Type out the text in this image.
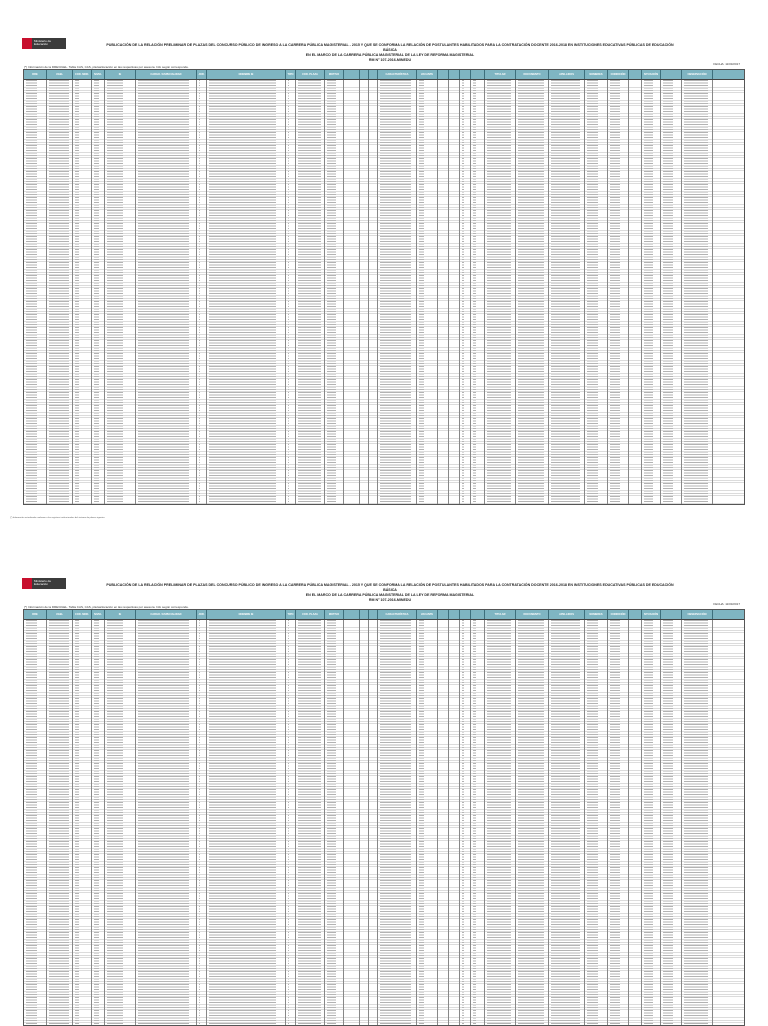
Ministerio de Educación	PUBLICACIÓN DE LA RELACIÓN PRELIMINAR DE PLAZAS DEL CONCURSO PÚBLICO DE INGRESO A LA CARRERA PÚBLICA MAGISTERIAL - 2015 Y QUE SE CONFORMA LA RELACIÓN DE POSTULANTES HABILITADOS PARA LA CONTRATACIÓN DOCENTE 2016-2018 EN INSTITUCIONES EDUCATIVAS PÚBLICAS DE EDUCACIÓN BÁSICA
EN EL MARCO DE LA CARRERA PÚBLICA MAGISTERIAL DE LA LEY DE REFORMA MAGISTERIAL
RM N° 107-2016-MINEDU
FECHA: 11/03/2017
(*) Información de la DRE/UGEL. Tabla CAS, CAS, plazas/locación en las respectivas por asesora. Info según corresponda.
DRE	UGEL	COD. MOD.	NIVEL	IE	CARGO / ESPECIALIDAD	JOR.	NOMBRE IE	TIPO	COD. PLAZA	MOTIVO	CARACTERÍSTICA	VACANTE	TITULAR	DOCUMENTO	APELLIDOS	NOMBRES	CONDICIÓN	SITUACIÓN	OBSERVACIÓN
(*) Información actualizada conforme a los registros institucionales del sistema de plazas vigentes
Ministerio de Educación	PUBLICACIÓN DE LA RELACIÓN PRELIMINAR DE PLAZAS DEL CONCURSO PÚBLICO DE INGRESO A LA CARRERA PÚBLICA MAGISTERIAL - 2015 Y QUE SE CONFORMA LA RELACIÓN DE POSTULANTES HABILITADOS PARA LA CONTRATACIÓN DOCENTE 2016-2018 EN INSTITUCIONES EDUCATIVAS PÚBLICAS DE EDUCACIÓN BÁSICA
EN EL MARCO DE LA CARRERA PÚBLICA MAGISTERIAL DE LA LEY DE REFORMA MAGISTERIAL
RM N° 107-2016-MINEDU
FECHA: 11/03/2017
(*) Información de la DRE/UGEL. Tabla CAS, CAS, plazas/locación en las respectivas por asesora. Info según corresponda.
DRE	UGEL	COD. MOD.	NIVEL	IE	CARGO / ESPECIALIDAD	JOR.	NOMBRE IE	TIPO	COD. PLAZA	MOTIVO	CARACTERÍSTICA	VACANTE	TITULAR	DOCUMENTO	APELLIDOS	NOMBRES	CONDICIÓN	SITUACIÓN	OBSERVACIÓN
